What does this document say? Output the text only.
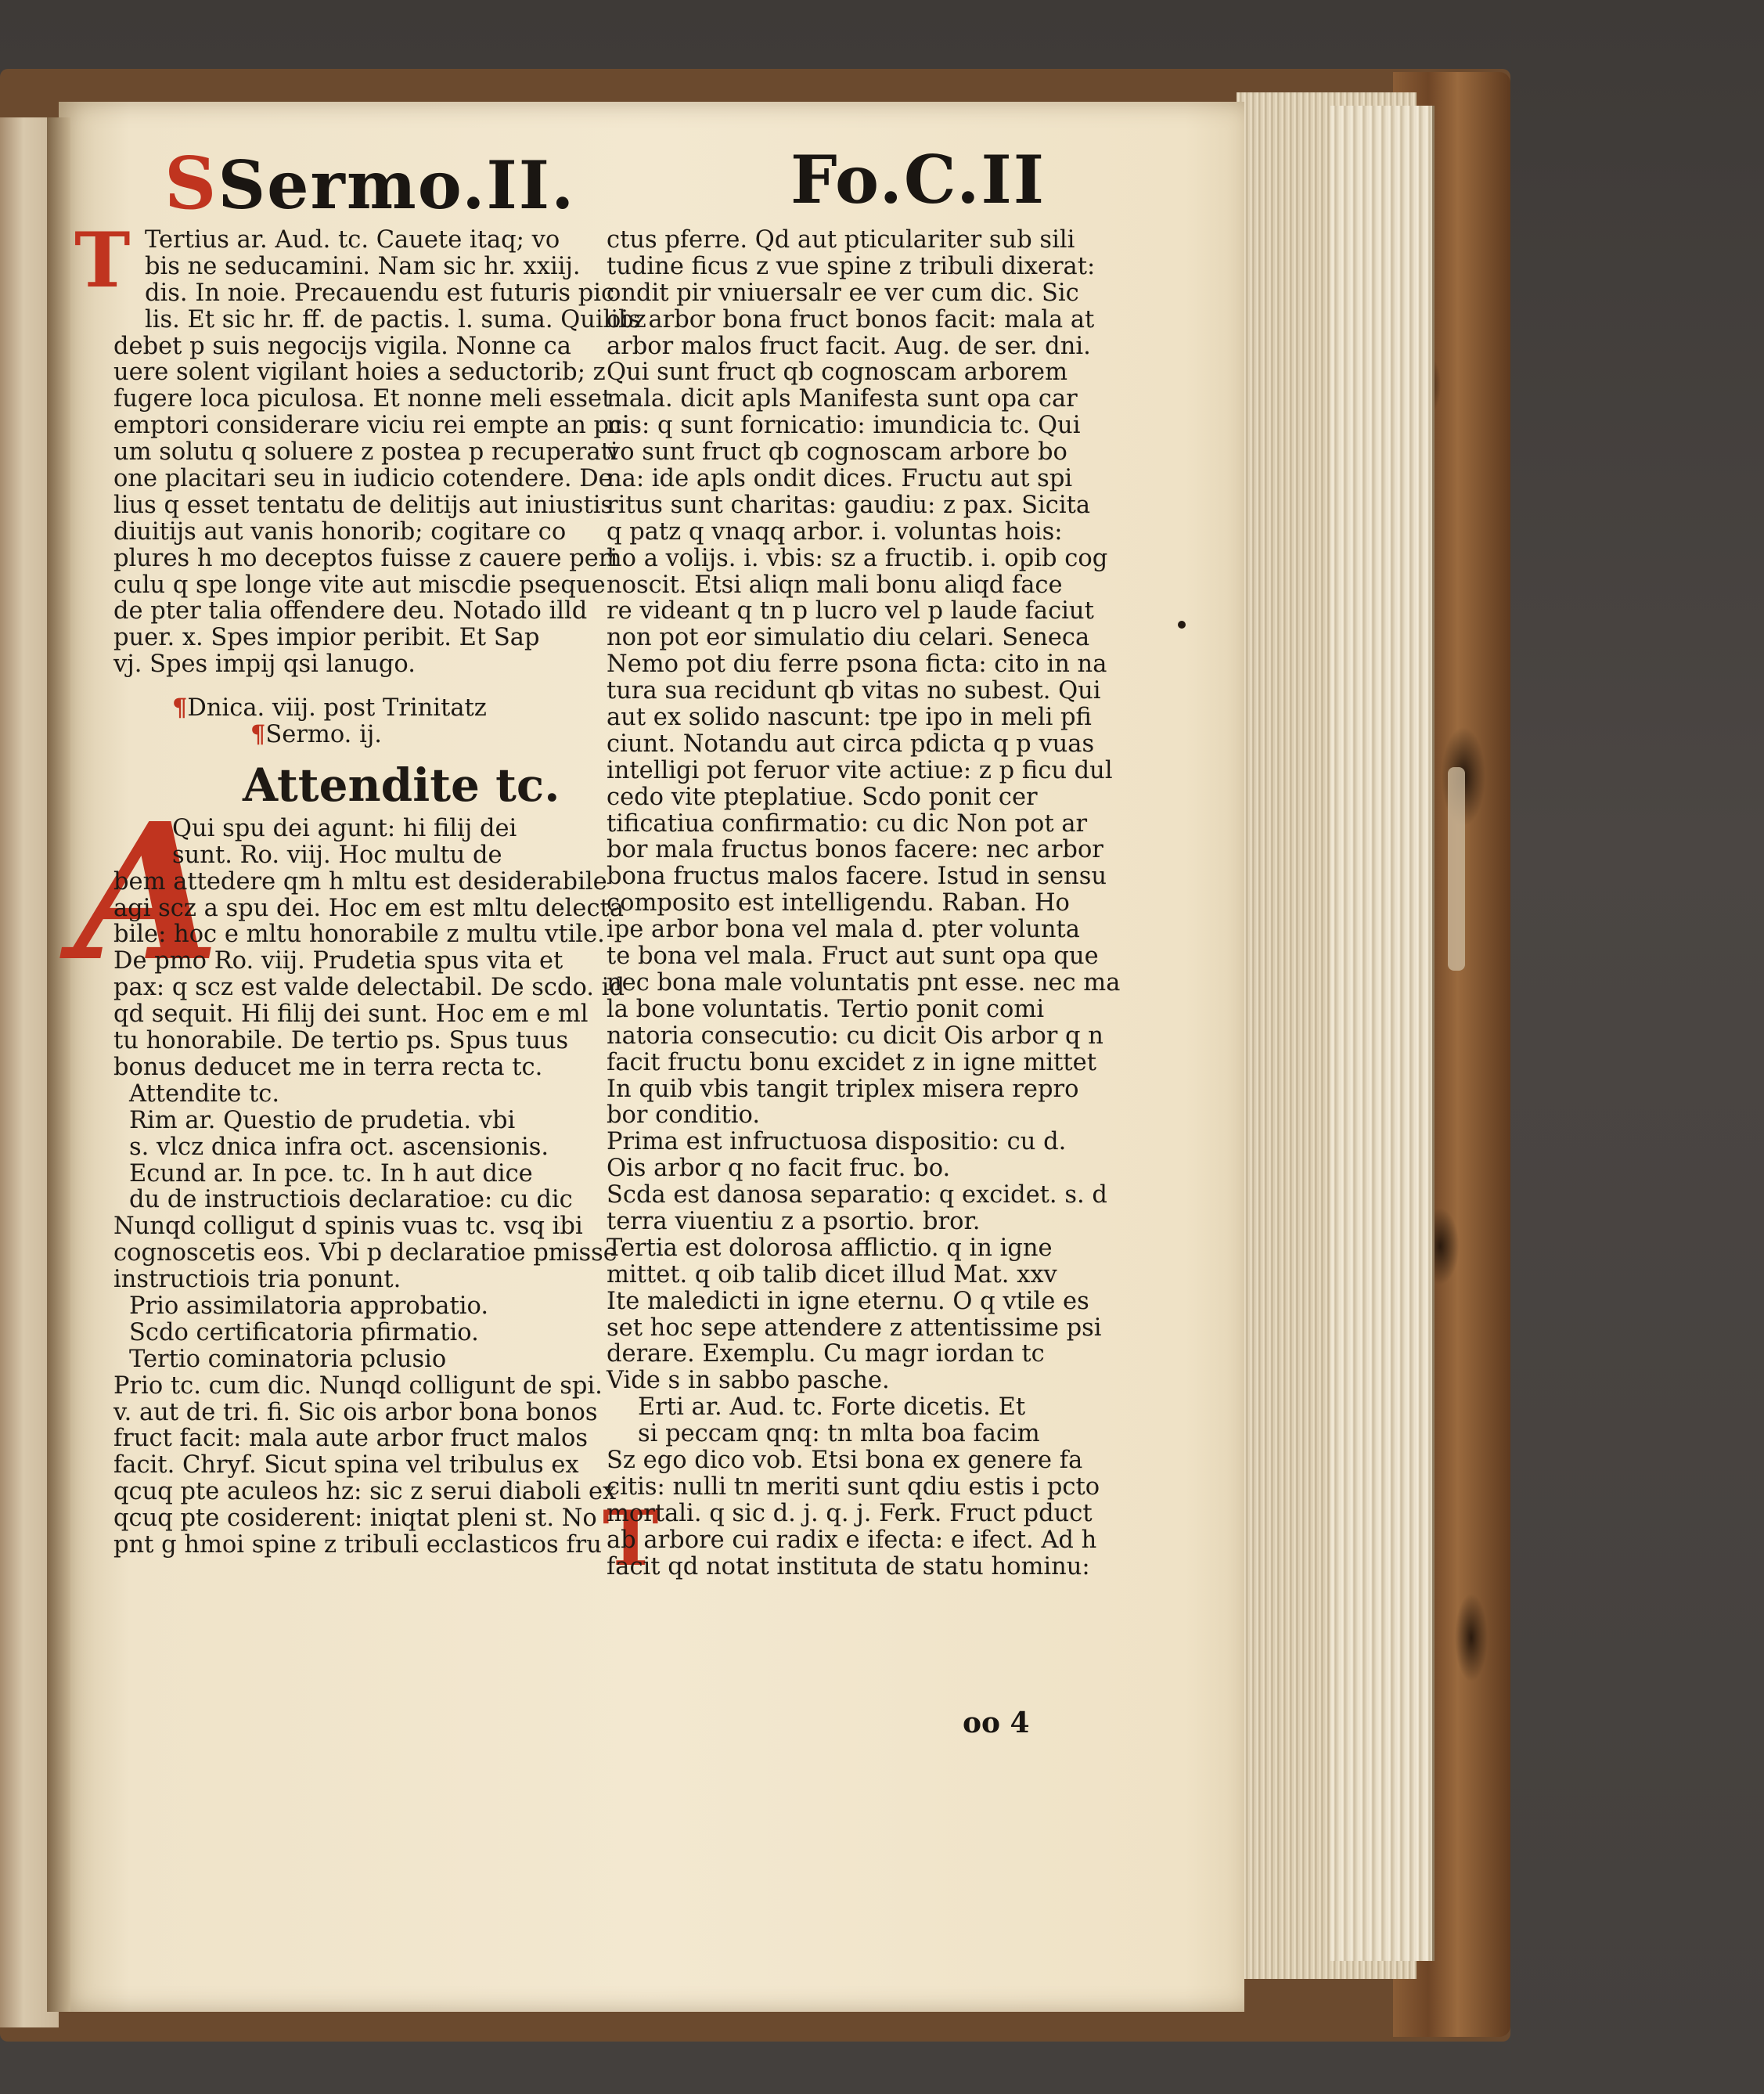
SSermo.II.	Fo.C.II
T
A
T
Tertius ar. Aud. tc. Cauete itaq; vo
bis ne seducamini. Nam sic hr. xxiij.
dis. In noie. Precauendu est futuris pic
lis. Et sic hr. ff. de pactis. l. suma. Quilibz
debet p suis negocijs vigila. Nonne ca
uere solent vigilant hoies a seductorib; z
fugere loca piculosa. Et nonne meli esset
emptori considerare viciu rei empte an pci
um solutu q soluere z postea p recuperati
one placitari seu in iudicio cotendere. De
lius q esset tentatu de delitijs aut iniustis
diuitijs aut vanis honorib; cogitare co
plures h mo deceptos fuisse z cauere peri
culu q spe longe vite aut miscdie pseque
de pter talia offendere deu. Notado illd
puer. x. Spes impior peribit. Et Sap
vj. Spes impij qsi lanugo.
¶Dnica. viij. post Trinitatz
¶Sermo. ij.
Attendite tc.
Qui spu dei agunt: hi filij dei
sunt. Ro. viij. Hoc multu de
bem attedere qm h mltu est desiderabile
agi scz a spu dei. Hoc em est mltu delecta
bile: hoc e mltu honorabile z multu vtile.
De pmo Ro. viij. Prudetia spus vita et
pax: q scz est valde delectabil. De scdo. id
qd sequit. Hi filij dei sunt. Hoc em e ml
tu honorabile. De tertio ps. Spus tuus
bonus deducet me in terra recta tc.
Attendite tc.
Rim ar. Questio de prudetia. vbi
s. vlcz dnica infra oct. ascensionis.
Ecund ar. In pce. tc. In h aut dice
du de instructiois declaratioe: cu dic
Nunqd colligut d spinis vuas tc. vsq ibi
cognoscetis eos. Vbi p declaratioe pmisse
instructiois tria ponunt.
Prio assimilatoria approbatio.
Scdo certificatoria pfirmatio.
Tertio cominatoria pclusio
Prio tc. cum dic. Nunqd colligunt de spi.
v. aut de tri. fi. Sic ois arbor bona bonos
fruct facit: mala aute arbor fruct malos
facit. Chryf. Sicut spina vel tribulus ex
qcuq pte aculeos hz: sic z serui diaboli ex
qcuq pte cosiderent: iniqtat pleni st. No
pnt g hmoi spine z tribuli ecclasticos fru
ctus pferre. Qd aut pticulariter sub sili
tudine ficus z vue spine z tribuli dixerat:
ondit pir vniuersalr ee ver cum dic. Sic
ois arbor bona fruct bonos facit: mala at
arbor malos fruct facit. Aug. de ser. dni.
Qui sunt fruct qb cognoscam arborem
mala. dicit apls Manifesta sunt opa car
nis: q sunt fornicatio: imundicia tc. Qui
vo sunt fruct qb cognoscam arbore bo
na: ide apls ondit dices. Fructu aut spi
ritus sunt charitas: gaudiu: z pax. Sicita
q patz q vnaqq arbor. i. voluntas hois:
ho a volijs. i. vbis: sz a fructib. i. opib cog
noscit. Etsi aliqn mali bonu aliqd face
re videant q tn p lucro vel p laude faciut
non pot eor simulatio diu celari. Seneca
Nemo pot diu ferre psona ficta: cito in na
tura sua recidunt qb vitas no subest. Qui
aut ex solido nascunt: tpe ipo in meli pfi
ciunt. Notandu aut circa pdicta q p vuas
intelligi pot feruor vite actiue: z p ficu dul
cedo vite pteplatiue. Scdo ponit cer
tificatiua confirmatio: cu dic Non pot ar
bor mala fructus bonos facere: nec arbor
bona fructus malos facere. Istud in sensu
composito est intelligendu. Raban. Ho
ipe arbor bona vel mala d. pter volunta
te bona vel mala. Fruct aut sunt opa que
nec bona male voluntatis pnt esse. nec ma
la bone voluntatis. Tertio ponit comi
natoria consecutio: cu dicit Ois arbor q n
facit fructu bonu excidet z in igne mittet
In quib vbis tangit triplex misera repro
bor conditio.
Prima est infructuosa dispositio: cu d.
Ois arbor q no facit fruc. bo.
Scda est danosa separatio: q excidet. s. d
terra viuentiu z a psortio. bror.
Tertia est dolorosa afflictio. q in igne
mittet. q oib talib dicet illud Mat. xxv
Ite maledicti in igne eternu. O q vtile es
set hoc sepe attendere z attentissime psi
derare. Exemplu. Cu magr iordan tc
Vide s in sabbo pasche.
Erti ar. Aud. tc. Forte dicetis. Et
si peccam qnq: tn mlta boa facim
Sz ego dico vob. Etsi bona ex genere fa
citis: nulli tn meriti sunt qdiu estis i pcto
mortali. q sic d. j. q. j. Ferk. Fruct pduct
ab arbore cui radix e ifecta: e ifect. Ad h
facit qd notat instituta de statu hominu:
oo 4
